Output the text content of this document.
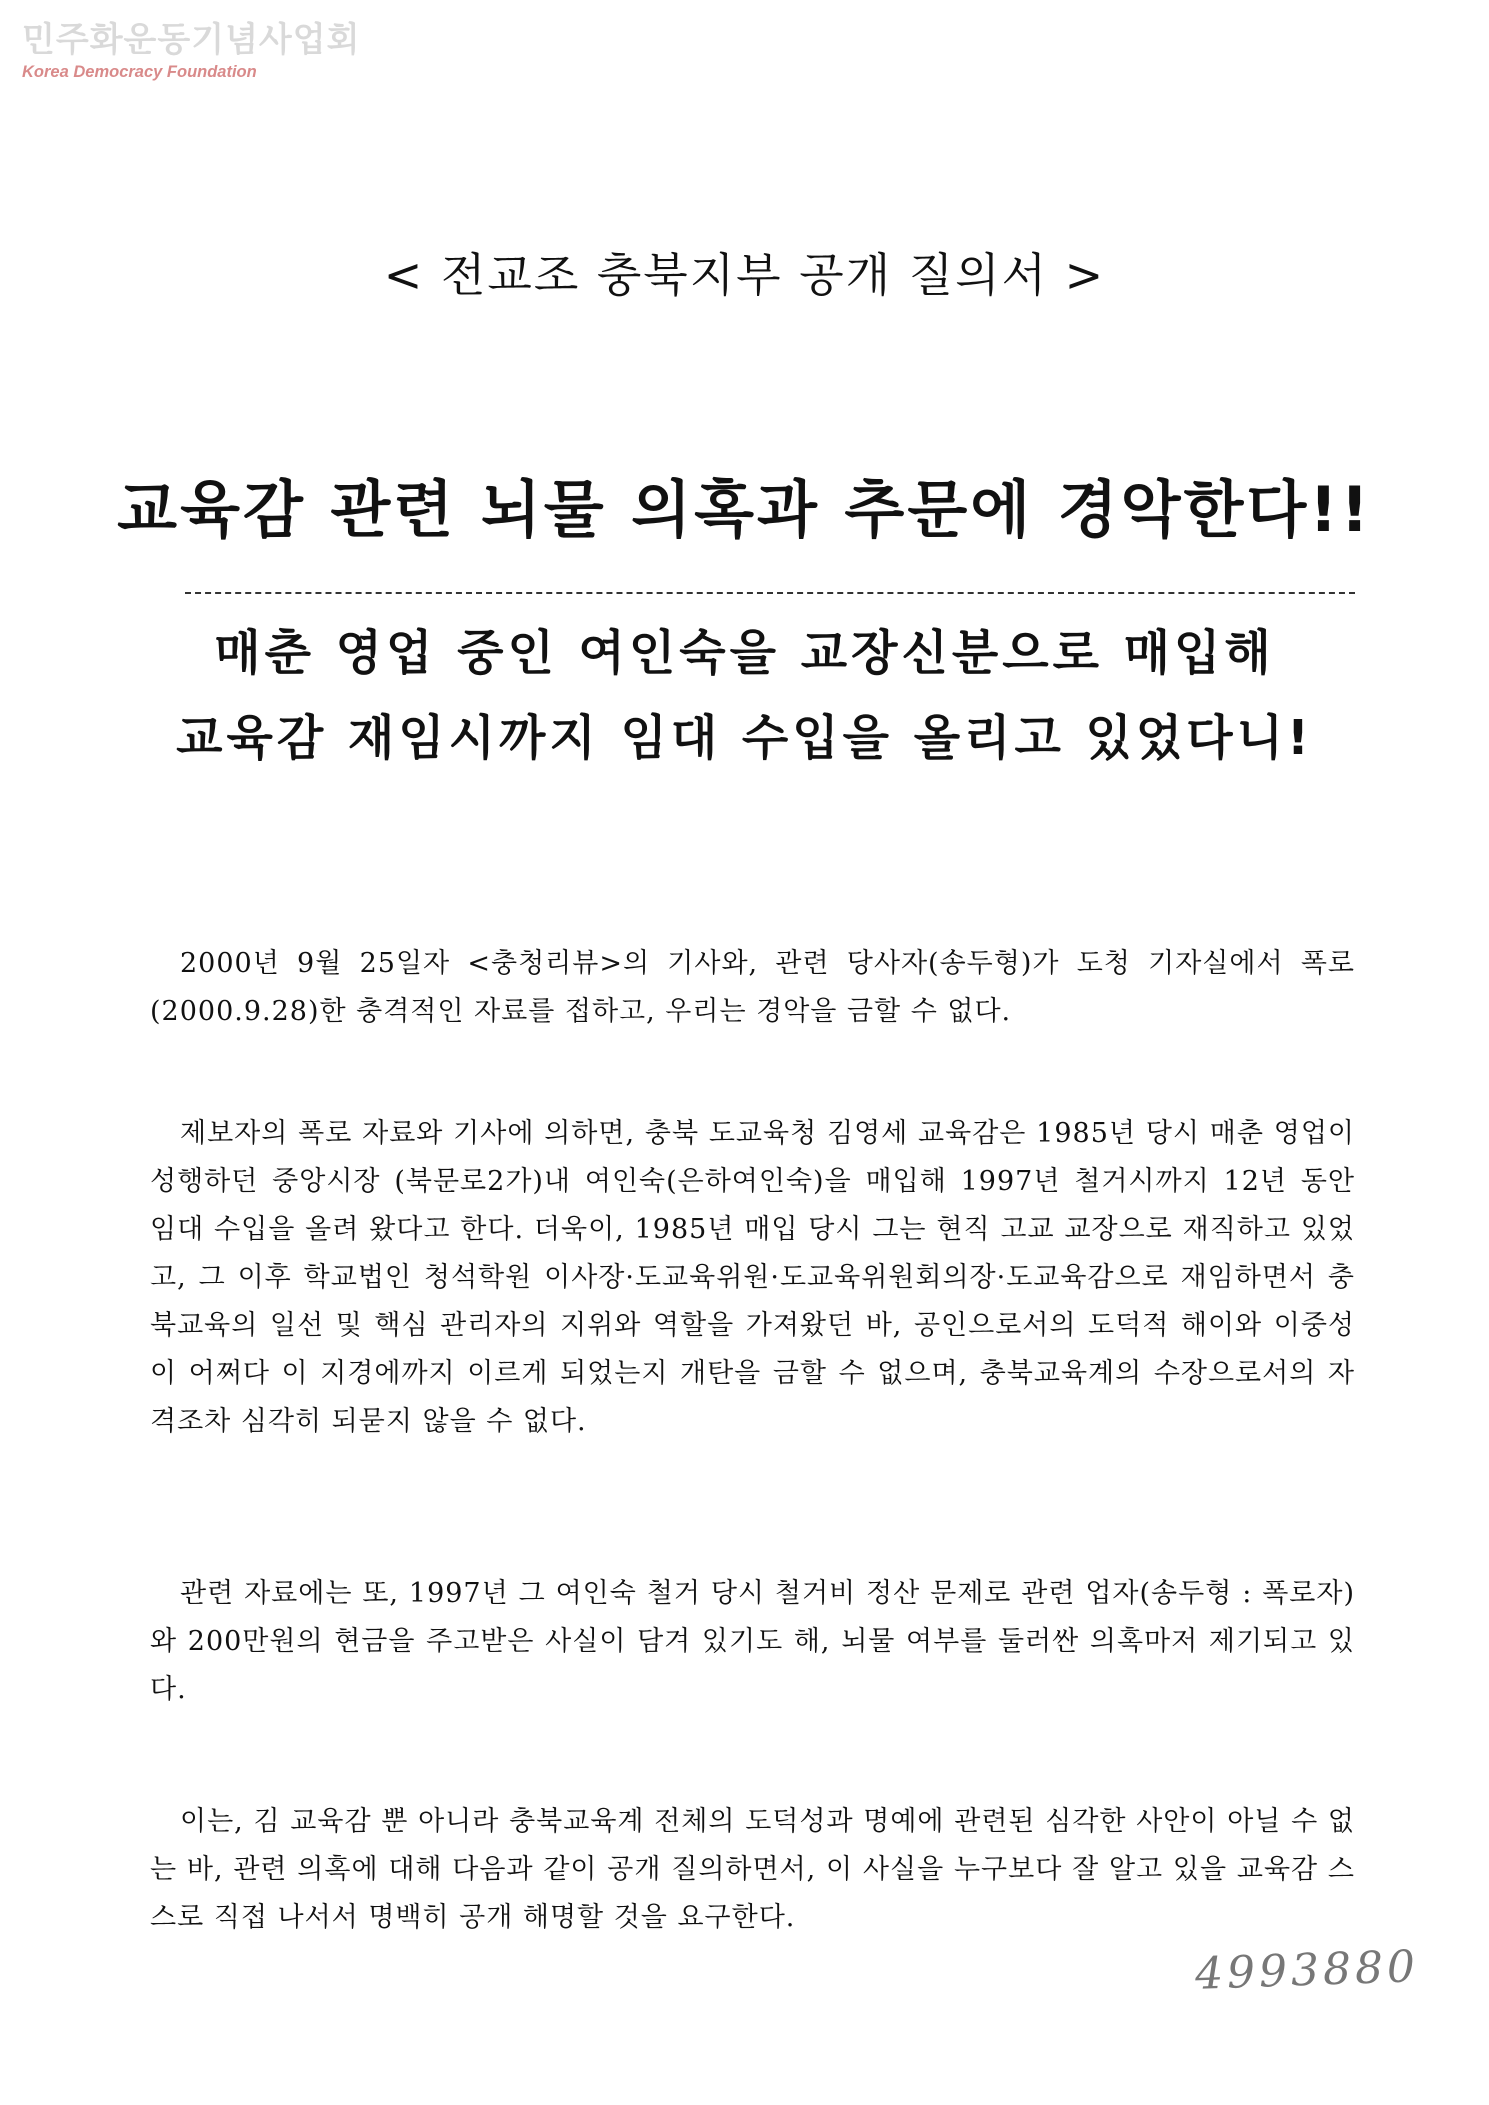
민주화운동기념사업회
Korea Democracy Foundation
< 전교조 충북지부 공개 질의서 >
교육감 관련 뇌물 의혹과 추문에 경악한다!!
매춘 영업 중인 여인숙을 교장신분으로 매입해
교육감 재임시까지 임대 수입을 올리고 있었다니!

2000년 9월 25일자 <충청리뷰>의 기사와, 관련 당사자(송두형)가 도청 기자실에서 폭로(2000.9.28)한 충격적인 자료를 접하고, 우리는 경악을 금할 수 없다.

제보자의 폭로 자료와 기사에 의하면, 충북 도교육청 김영세 교육감은 1985년 당시 매춘 영업이 성행하던 중앙시장 (북문로2가)내 여인숙(은하여인숙)을 매입해 1997년 철거시까지 12년 동안 임대 수입을 올려 왔다고 한다. 더욱이, 1985년 매입 당시 그는 현직 고교 교장으로 재직하고 있었고, 그 이후 학교법인 청석학원 이사장·도교육위원·도교육위원회의장·도교육감으로 재임하면서 충북교육의 일선 및 핵심 관리자의 지위와 역할을 가져왔던 바, 공인으로서의 도덕적 해이와 이중성이 어쩌다 이 지경에까지 이르게 되었는지 개탄을 금할 수 없으며, 충북교육계의 수장으로서의 자격조차 심각히 되묻지 않을 수 없다.

관련 자료에는 또, 1997년 그 여인숙 철거 당시 철거비 정산 문제로 관련 업자(송두형 : 폭로자)와 200만원의 현금을 주고받은 사실이 담겨 있기도 해, 뇌물 여부를 둘러싼 의혹마저 제기되고 있다.

이는, 김 교육감 뿐 아니라 충북교육계 전체의 도덕성과 명예에 관련된 심각한 사안이 아닐 수 없는 바, 관련 의혹에 대해 다음과 같이 공개 질의하면서, 이 사실을 누구보다 잘 알고 있을 교육감 스스로 직접 나서서 명백히 공개 해명할 것을 요구한다.

4993880
